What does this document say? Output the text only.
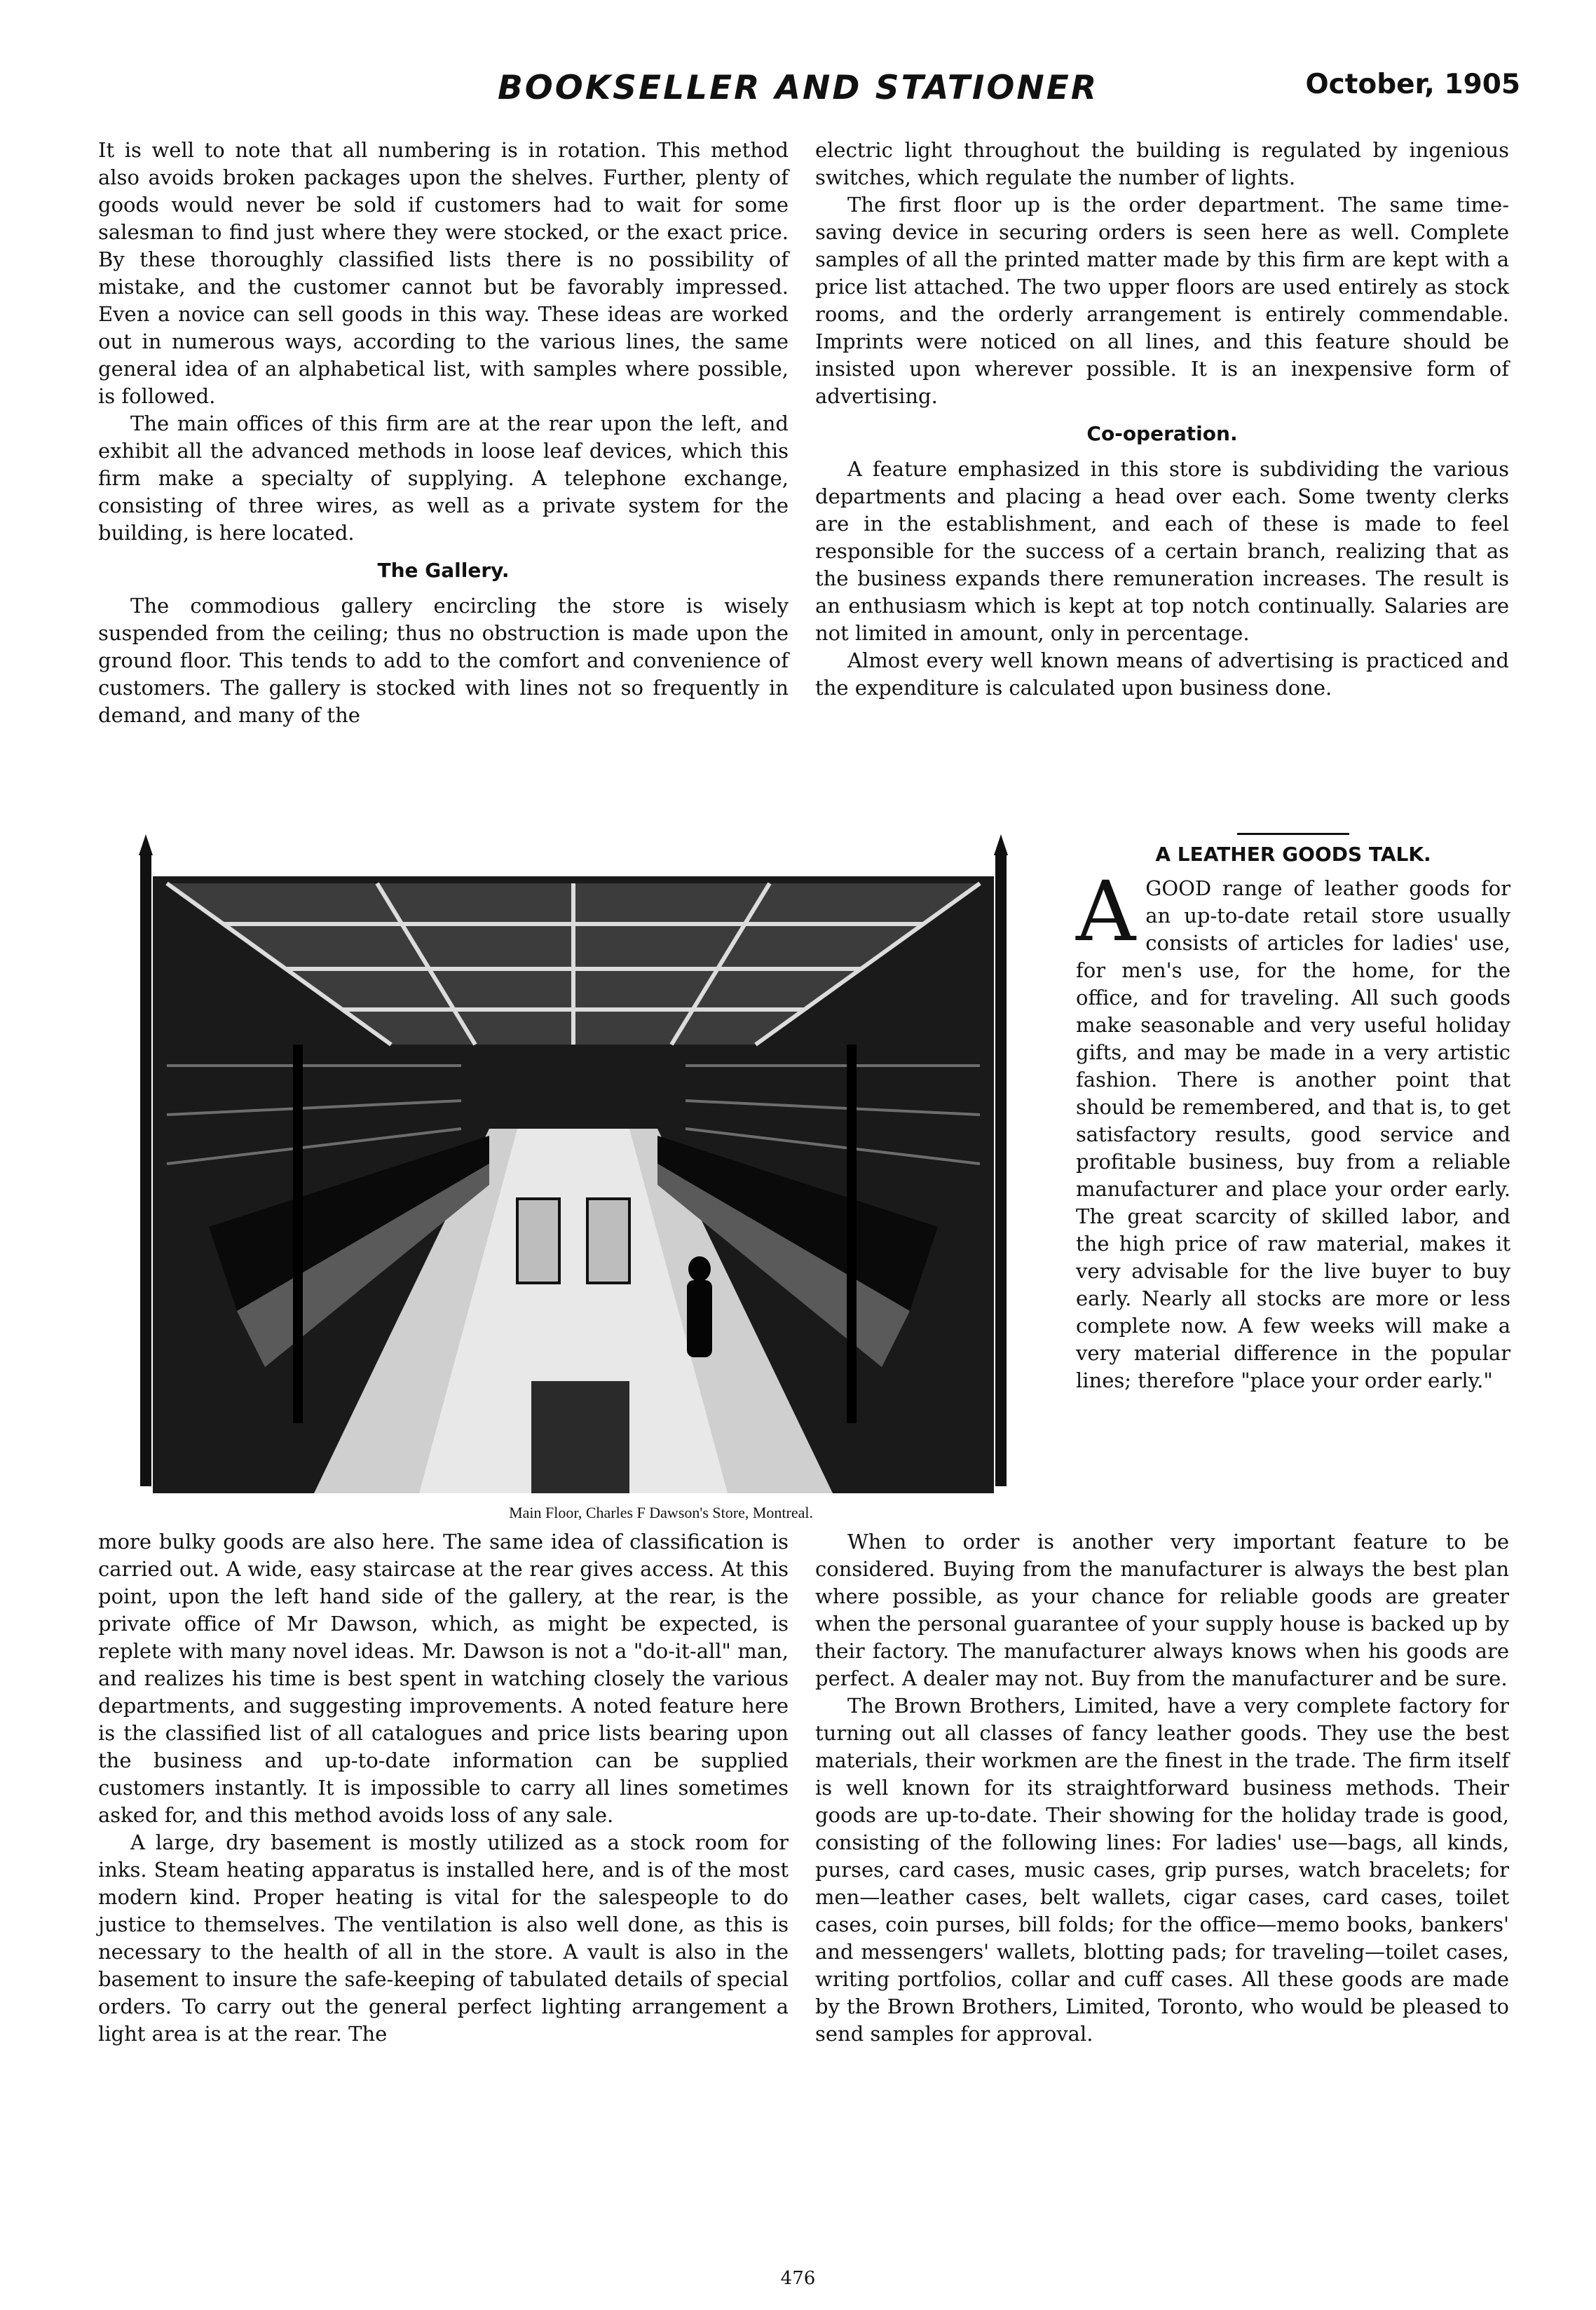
BOOKSELLER AND STATIONER	October, 1905

It is well to note that all numbering is in rotation. This method also avoids broken packages upon the shelves. Further, plenty of goods would never be sold if customers had to wait for some salesman to find just where they were stocked, or the exact price. By these thoroughly classified lists there is no possibility of mistake, and the customer cannot but be favorably impressed. Even a novice can sell goods in this way. These ideas are worked out in numerous ways, according to the various lines, the same general idea of an alphabetical list, with samples where possible, is followed.

The main offices of this firm are at the rear upon the left, and exhibit all the advanced methods in loose leaf devices, which this firm make a specialty of supplying. A telephone exchange, consisting of three wires, as well as a private system for the building, is here located.

The Gallery.

The commodious gallery encircling the store is wisely suspended from the ceiling; thus no obstruction is made upon the ground floor. This tends to add to the comfort and convenience of customers. The gallery is stocked with lines not so frequently in demand, and many of the

electric light throughout the building is regulated by ingenious switches, which regulate the number of lights.

The first floor up is the order department. The same time-saving device in securing orders is seen here as well. Complete samples of all the printed matter made by this firm are kept with a price list attached. The two upper floors are used entirely as stock rooms, and the orderly arrangement is entirely commendable. Imprints were noticed on all lines, and this feature should be insisted upon wherever possible. It is an inexpensive form of advertising.

Co-operation.

A feature emphasized in this store is subdividing the various departments and placing a head over each. Some twenty clerks are in the establishment, and each of these is made to feel responsible for the success of a certain branch, realizing that as the business expands there remuneration increases. The result is an enthusiasm which is kept at top notch continually. Salaries are not limited in amount, only in percentage.

Almost every well known means of advertising is practiced and the expenditure is calculated upon business done.

Main Floor, Charles F Dawson's Store, Montreal.
A LEATHER GOODS TALK.
A GOOD range of leather goods for an up-to-date retail store usually consists of articles for ladies' use, for men's use, for the home, for the office, and for traveling. All such goods make seasonable and very useful holiday gifts, and may be made in a very artistic fashion. There is another point that should be remembered, and that is, to get satisfactory results, good service and profitable business, buy from a reliable manufacturer and place your order early. The great scarcity of skilled labor, and the high price of raw material, makes it very advisable for the live buyer to buy early. Nearly all stocks are more or less complete now. A few weeks will make a very material difference in the popular lines; therefore "place your order early."

more bulky goods are also here. The same idea of classification is carried out. A wide, easy staircase at the rear gives access. At this point, upon the left hand side of the gallery, at the rear, is the private office of Mr Dawson, which, as might be expected, is replete with many novel ideas. Mr. Dawson is not a "do-it-all" man, and realizes his time is best spent in watching closely the various departments, and suggesting improvements. A noted feature here is the classified list of all catalogues and price lists bearing upon the business and up-to-date information can be supplied customers instantly. It is impossible to carry all lines sometimes asked for, and this method avoids loss of any sale.

A large, dry basement is mostly utilized as a stock room for inks. Steam heating apparatus is installed here, and is of the most modern kind. Proper heating is vital for the salespeople to do justice to themselves. The ventilation is also well done, as this is necessary to the health of all in the store. A vault is also in the basement to insure the safe-keeping of tabulated details of special orders. To carry out the general perfect lighting arrangement a light area is at the rear. The

When to order is another very important feature to be considered. Buying from the manufacturer is always the best plan where possible, as your chance for reliable goods are greater when the personal guarantee of your supply house is backed up by their factory. The manufacturer always knows when his goods are perfect. A dealer may not. Buy from the manufacturer and be sure.

The Brown Brothers, Limited, have a very complete factory for turning out all classes of fancy leather goods. They use the best materials, their workmen are the finest in the trade. The firm itself is well known for its straightforward business methods. Their goods are up-to-date. Their showing for the holiday trade is good, consisting of the following lines: For ladies' use—bags, all kinds, purses, card cases, music cases, grip purses, watch bracelets; for men—leather cases, belt wallets, cigar cases, card cases, toilet cases, coin purses, bill folds; for the office—memo books, bankers' and messengers' wallets, blotting pads; for traveling—toilet cases, writing portfolios, collar and cuff cases. All these goods are made by the Brown Brothers, Limited, Toronto, who would be pleased to send samples for approval.

476
